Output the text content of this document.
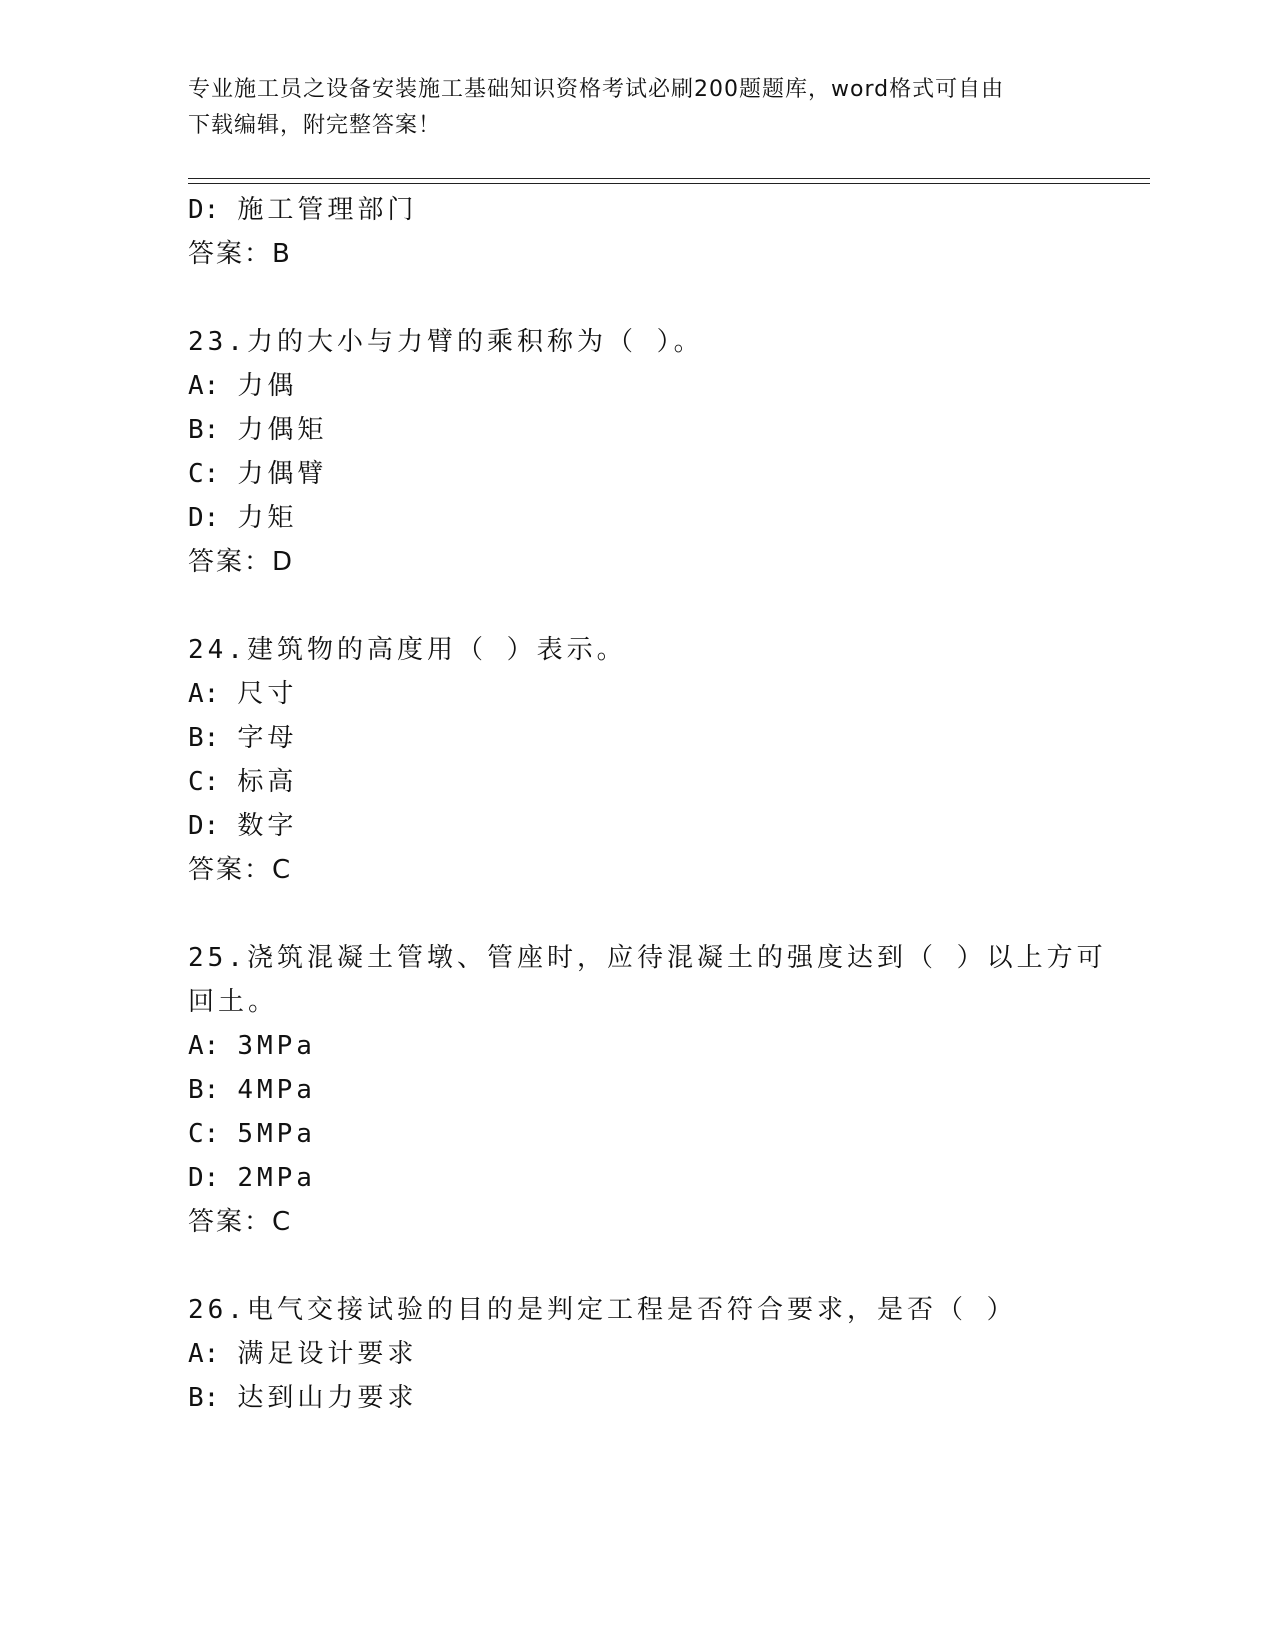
专业施工员之设备安装施工基础知识资格考试必刷200题题库，word格式可自由
下载编辑，附完整答案！
D: 施工管理部门
答案：B
23.力的大小与力臂的乘积称为（ ）。
A: 力偶
B: 力偶矩
C: 力偶臂
D: 力矩
答案：D
24.建筑物的高度用（ ）表示。
A: 尺寸
B: 字母
C: 标高
D: 数字
答案：C
25.浇筑混凝土管墩、管座时，应待混凝土的强度达到（ ）以上方可
回土。
A: 3MPa
B: 4MPa
C: 5MPa
D: 2MPa
答案：C
26.电气交接试验的目的是判定工程是否符合要求，是否（ ）
A: 满足设计要求
B: 达到山力要求
